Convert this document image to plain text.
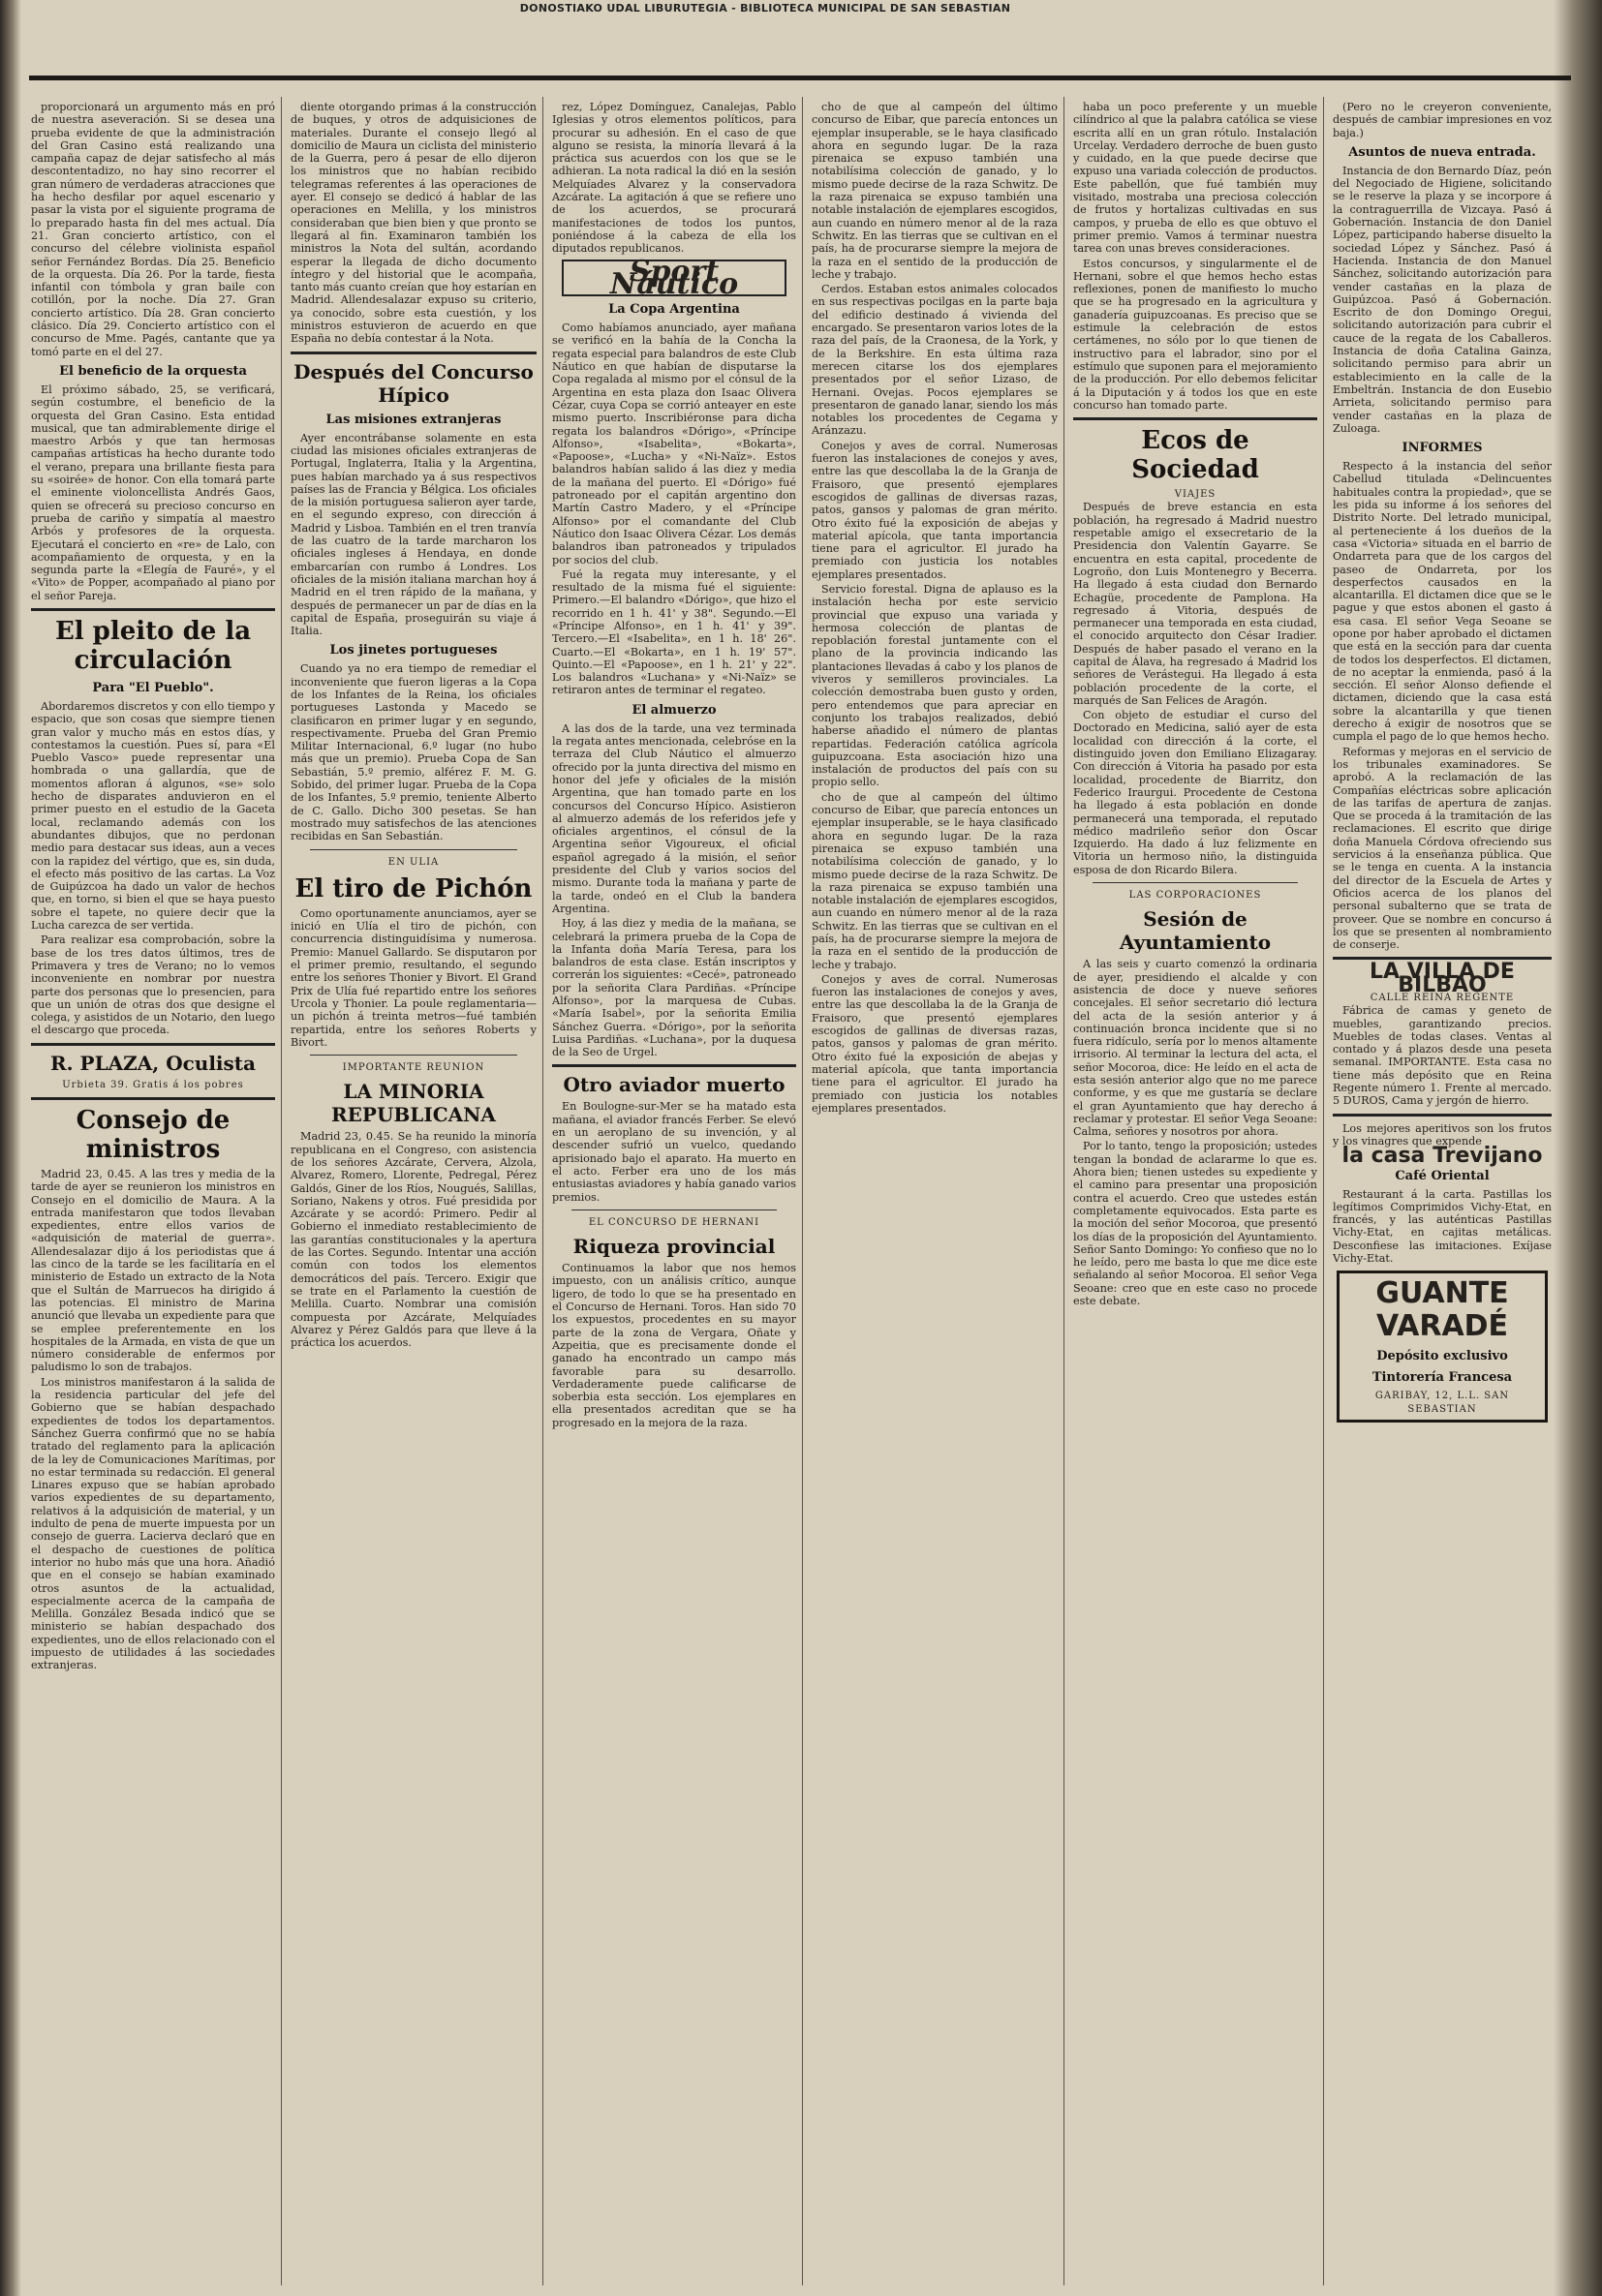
DONOSTIAKO UDAL LIBURUTEGIA - BIBLIOTECA MUNICIPAL DE SAN SEBASTIAN

proporcionará un argumento más en pró de nuestra aseveración. Si se desea una prueba evidente de que la administración del Gran Casino está realizando una campaña capaz de dejar satisfecho al más descontentadizo, no hay sino recorrer el gran número de verdaderas atracciones que ha hecho desfilar por aquel escenario y pasar la vista por el siguiente programa de lo preparado hasta fin del mes actual. Día 21. Gran concierto artístico, con el concurso del célebre violinista español señor Fernández Bordas. Día 25. Beneficio de la orquesta. Día 26. Por la tarde, fiesta infantil con tómbola y gran baile con cotillón, por la noche. Día 27. Gran concierto artístico. Día 28. Gran concierto clásico. Día 29. Concierto artístico con el concurso de Mme. Pagés, cantante que ya tomó parte en el del 27.

El beneficio de la orquesta

El próximo sábado, 25, se verificará, según costumbre, el beneficio de la orquesta del Gran Casino. Esta entidad musical, que tan admirablemente dirige el maestro Arbós y que tan hermosas campañas artísticas ha hecho durante todo el verano, prepara una brillante fiesta para su «soirée» de honor. Con ella tomará parte el eminente violoncellista Andrés Gaos, quien se ofrecerá su precioso concurso en prueba de cariño y simpatía al maestro Arbós y profesores de la orquesta. Ejecutará el concierto en «re» de Lalo, con acompañamiento de orquesta, y en la segunda parte la «Elegía de Fauré», y el «Vito» de Popper, acompañado al piano por el señor Pareja.

El pleito de la circulación
Para "El Pueblo".

Abordaremos discretos y con ello tiempo y espacio, que son cosas que siempre tienen gran valor y mucho más en estos días, y contestamos la cuestión. Pues sí, para «El Pueblo Vasco» puede representar una hombrada o una gallardía, que de momentos afloran á algunos, «se» solo hecho de disparates anduvieron en el primer puesto en el estudio de la Gaceta local, reclamando además con los abundantes dibujos, que no perdonan medio para destacar sus ideas, aun a veces con la rapidez del vértigo, que es, sin duda, el efecto más positivo de las cartas. La Voz de Guipúzcoa ha dado un valor de hechos que, en torno, si bien el que se haya puesto sobre el tapete, no quiere decir que la Lucha carezca de ser vertida.

Para realizar esa comprobación, sobre la base de los tres datos últimos, tres de Primavera y tres de Verano; no lo vemos inconveniente en nombrar por nuestra parte dos personas que lo presencien, para que un unión de otras dos que designe el colega, y asistidos de un Notario, den luego el descargo que proceda.

R. PLAZA, Oculista
Urbieta 39. Gratis á los pobres
Consejo de ministros

Madrid 23, 0.45. A las tres y media de la tarde de ayer se reunieron los ministros en Consejo en el domicilio de Maura. A la entrada manifestaron que todos llevaban expedientes, entre ellos varios de «adquisición de material de guerra». Allendesalazar dijo á los periodistas que á las cinco de la tarde se les facilitaría en el ministerio de Estado un extracto de la Nota que el Sultán de Marruecos ha dirigido á las potencias. El ministro de Marina anunció que llevaba un expediente para que se emplee preferentemente en los hospitales de la Armada, en vista de que un número considerable de enfermos por paludismo lo son de trabajos.

Los ministros manifestaron á la salida de la residencia particular del jefe del Gobierno que se habían despachado expedientes de todos los departamentos. Sánchez Guerra confirmó que no se había tratado del reglamento para la aplicación de la ley de Comunicaciones Marítimas, por no estar terminada su redacción. El general Linares expuso que se habían aprobado varios expedientes de su departamento, relativos á la adquisición de material, y un indulto de pena de muerte impuesta por un consejo de guerra. Lacierva declaró que en el despacho de cuestiones de política interior no hubo más que una hora. Añadió que en el consejo se habían examinado otros asuntos de la actualidad, especialmente acerca de la campaña de Melilla. González Besada indicó que se ministerio se habían despachado dos expedientes, uno de ellos relacionado con el impuesto de utilidades á las sociedades extranjeras.

diente otorgando primas á la construcción de buques, y otros de adquisiciones de materiales. Durante el consejo llegó al domicilio de Maura un ciclista del ministerio de la Guerra, pero á pesar de ello dijeron los ministros que no habían recibido telegramas referentes á las operaciones de ayer. El consejo se dedicó á hablar de las operaciones en Melilla, y los ministros consideraban que bien bien y que pronto se llegará al fin. Examinaron también los ministros la Nota del sultán, acordando esperar la llegada de dicho documento íntegro y del historial que le acompaña, tanto más cuanto creían que hoy estarían en Madrid. Allendesalazar expuso su criterio, ya conocido, sobre esta cuestión, y los ministros estuvieron de acuerdo en que España no debía contestar á la Nota.

Después del Concurso Hípico
Las misiones extranjeras

Ayer encontrábanse solamente en esta ciudad las misiones oficiales extranjeras de Portugal, Inglaterra, Italia y la Argentina, pues habían marchado ya á sus respectivos países las de Francia y Bélgica. Los oficiales de la misión portuguesa salieron ayer tarde, en el segundo expreso, con dirección á Madrid y Lisboa. También en el tren tranvía de las cuatro de la tarde marcharon los oficiales ingleses á Hendaya, en donde embarcarían con rumbo á Londres. Los oficiales de la misión italiana marchan hoy á Madrid en el tren rápido de la mañana, y después de permanecer un par de días en la capital de España, proseguirán su viaje á Italia.

Los jinetes portugueses

Cuando ya no era tiempo de remediar el inconveniente que fueron ligeras a la Copa de los Infantes de la Reina, los oficiales portugueses Lastonda y Macedo se clasificaron en primer lugar y en segundo, respectivamente. Prueba del Gran Premio Militar Internacional, 6.º lugar (no hubo más que un premio). Prueba Copa de San Sebastián, 5.º premio, alférez F. M. G. Sobido, del primer lugar. Prueba de la Copa de los Infantes, 5.º premio, teniente Alberto de C. Gallo. Dicho 300 pesetas. Se han mostrado muy satisfechos de las atenciones recibidas en San Sebastián.

EN ULIA
El tiro de Pichón

Como oportunamente anunciamos, ayer se inició en Ulía el tiro de pichón, con concurrencia distinguidísima y numerosa. Premio: Manuel Gallardo. Se disputaron por el primer premio, resultando, el segundo entre los señores Thonier y Bivort. El Grand Prix de Ulía fué repartido entre los señores Urcola y Thonier. La poule reglamentaria—un pichón á treinta metros—fué también repartida, entre los señores Roberts y Bivort.

IMPORTANTE REUNION
LA MINORIA REPUBLICANA

Madrid 23, 0.45. Se ha reunido la minoría republicana en el Congreso, con asistencia de los señores Azcárate, Cervera, Alzola, Alvarez, Romero, Llorente, Pedregal, Pérez Galdós, Giner de los Ríos, Nougués, Salillas, Soriano, Nakens y otros. Fué presidida por Azcárate y se acordó: Primero. Pedir al Gobierno el inmediato restablecimiento de las garantías constitucionales y la apertura de las Cortes. Segundo. Intentar una acción común con todos los elementos democráticos del país. Tercero. Exigir que se trate en el Parlamento la cuestión de Melilla. Cuarto. Nombrar una comisión compuesta por Azcárate, Melquíades Alvarez y Pérez Galdós para que lleve á la práctica los acuerdos.

rez, López Domínguez, Canalejas, Pablo Iglesias y otros elementos políticos, para procurar su adhesión. En el caso de que alguno se resista, la minoría llevará á la práctica sus acuerdos con los que se le adhieran. La nota radical la dió en la sesión Melquíades Alvarez y la conservadora Azcárate. La agitación á que se refiere uno de los acuerdos, se procurará manifestaciones de todos los puntos, poniéndose á la cabeza de ella los diputados republicanos.

Sport Náutico
La Copa Argentina

Como habíamos anunciado, ayer mañana se verificó en la bahía de la Concha la regata especial para balandros de este Club Náutico en que habían de disputarse la Copa regalada al mismo por el cónsul de la Argentina en esta plaza don Isaac Olivera Cézar, cuya Copa se corrió anteayer en este mismo puerto. Inscribiéronse para dicha regata los balandros «Dórigo», «Príncipe Alfonso», «Isabelita», «Bokarta», «Papoose», «Lucha» y «Ni-Naïz». Estos balandros habían salido á las diez y media de la mañana del puerto. El «Dórigo» fué patroneado por el capitán argentino don Martín Castro Madero, y el «Príncipe Alfonso» por el comandante del Club Náutico don Isaac Olivera Cézar. Los demás balandros iban patroneados y tripulados por socios del club.

Fué la regata muy interesante, y el resultado de la misma fué el siguiente: Primero.—El balandro «Dórigo», que hizo el recorrido en 1 h. 41' y 38". Segundo.—El «Príncipe Alfonso», en 1 h. 41' y 39". Tercero.—El «Isabelita», en 1 h. 18' 26". Cuarto.—El «Bokarta», en 1 h. 19' 57". Quinto.—El «Papoose», en 1 h. 21' y 22". Los balandros «Luchana» y «Ni-Naïz» se retiraron antes de terminar el regateo.

El almuerzo

A las dos de la tarde, una vez terminada la regata antes mencionada, celebróse en la terraza del Club Náutico el almuerzo ofrecido por la junta directiva del mismo en honor del jefe y oficiales de la misión Argentina, que han tomado parte en los concursos del Concurso Hípico. Asistieron al almuerzo además de los referidos jefe y oficiales argentinos, el cónsul de la Argentina señor Vigoureux, el oficial español agregado á la misión, el señor presidente del Club y varios socios del mismo. Durante toda la mañana y parte de la tarde, ondeó en el Club la bandera Argentina.

Hoy, á las diez y media de la mañana, se celebrará la primera prueba de la Copa de la Infanta doña María Teresa, para los balandros de esta clase. Están inscriptos y correrán los siguientes: «Cecé», patroneado por la señorita Clara Pardiñas. «Príncipe Alfonso», por la marquesa de Cubas. «María Isabel», por la señorita Emilia Sánchez Guerra. «Dórigo», por la señorita Luisa Pardiñas. «Luchana», por la duquesa de la Seo de Urgel.

Otro aviador muerto

En Boulogne-sur-Mer se ha matado esta mañana, el aviador francés Ferber. Se elevó en un aeroplano de su invención, y al descender sufrió un vuelco, quedando aprisionado bajo el aparato. Ha muerto en el acto. Ferber era uno de los más entusiastas aviadores y había ganado varios premios.

EL CONCURSO DE HERNANI
Riqueza provincial

Continuamos la labor que nos hemos impuesto, con un análisis crítico, aunque ligero, de todo lo que se ha presentado en el Concurso de Hernani. Toros. Han sido 70 los expuestos, procedentes en su mayor parte de la zona de Vergara, Oñate y Azpeitia, que es precisamente donde el ganado ha encontrado un campo más favorable para su desarrollo. Verdaderamente puede calificarse de soberbia esta sección. Los ejemplares en ella presentados acreditan que se ha progresado en la mejora de la raza.

cho de que al campeón del último concurso de Eibar, que parecía entonces un ejemplar insuperable, se le haya clasificado ahora en segundo lugar. De la raza pirenaica se expuso también una notabilísima colección de ganado, y lo mismo puede decirse de la raza Schwitz. De la raza pirenaica se expuso también una notable instalación de ejemplares escogidos, aun cuando en número menor al de la raza Schwitz. En las tierras que se cultivan en el país, ha de procurarse siempre la mejora de la raza en el sentido de la producción de leche y trabajo.

Cerdos. Estaban estos animales colocados en sus respectivas pocilgas en la parte baja del edificio destinado á vivienda del encargado. Se presentaron varios lotes de la raza del país, de la Craonesa, de la York, y de la Berkshire. En esta última raza merecen citarse los dos ejemplares presentados por el señor Lizaso, de Hernani. Ovejas. Pocos ejemplares se presentaron de ganado lanar, siendo los más notables los procedentes de Cegama y Aránzazu.

Conejos y aves de corral. Numerosas fueron las instalaciones de conejos y aves, entre las que descollaba la de la Granja de Fraisoro, que presentó ejemplares escogidos de gallinas de diversas razas, patos, gansos y palomas de gran mérito. Otro éxito fué la exposición de abejas y material apícola, que tanta importancia tiene para el agricultor. El jurado ha premiado con justicia los notables ejemplares presentados.

Servicio forestal. Digna de aplauso es la instalación hecha por este servicio provincial que expuso una variada y hermosa colección de plantas de repoblación forestal juntamente con el plano de la provincia indicando las plantaciones llevadas á cabo y los planos de viveros y semilleros provinciales. La colección demostraba buen gusto y orden, pero entendemos que para apreciar en conjunto los trabajos realizados, debió haberse añadido el número de plantas repartidas. Federación católica agrícola guipuzcoana. Esta asociación hizo una instalación de productos del país con su propio sello.

cho de que al campeón del último concurso de Eibar, que parecía entonces un ejemplar insuperable, se le haya clasificado ahora en segundo lugar. De la raza pirenaica se expuso también una notabilísima colección de ganado, y lo mismo puede decirse de la raza Schwitz. De la raza pirenaica se expuso también una notable instalación de ejemplares escogidos, aun cuando en número menor al de la raza Schwitz. En las tierras que se cultivan en el país, ha de procurarse siempre la mejora de la raza en el sentido de la producción de leche y trabajo.

Conejos y aves de corral. Numerosas fueron las instalaciones de conejos y aves, entre las que descollaba la de la Granja de Fraisoro, que presentó ejemplares escogidos de gallinas de diversas razas, patos, gansos y palomas de gran mérito. Otro éxito fué la exposición de abejas y material apícola, que tanta importancia tiene para el agricultor. El jurado ha premiado con justicia los notables ejemplares presentados.

haba un poco preferente y un mueble cilíndrico al que la palabra católica se viese escrita allí en un gran rótulo. Instalación Urcelay. Verdadero derroche de buen gusto y cuidado, en la que puede decirse que expuso una variada colección de productos. Este pabellón, que fué también muy visitado, mostraba una preciosa colección de frutos y hortalizas cultivadas en sus campos, y prueba de ello es que obtuvo el primer premio. Vamos á terminar nuestra tarea con unas breves consideraciones.

Estos concursos, y singularmente el de Hernani, sobre el que hemos hecho estas reflexiones, ponen de manifiesto lo mucho que se ha progresado en la agricultura y ganadería guipuzcoanas. Es preciso que se estimule la celebración de estos certámenes, no sólo por lo que tienen de instructivo para el labrador, sino por el estímulo que suponen para el mejoramiento de la producción. Por ello debemos felicitar á la Diputación y á todos los que en este concurso han tomado parte.

Ecos de Sociedad
VIAJES

Después de breve estancia en esta población, ha regresado á Madrid nuestro respetable amigo el exsecretario de la Presidencia don Valentín Gayarre. Se encuentra en esta capital, procedente de Logroño, don Luis Montenegro y Becerra. Ha llegado á esta ciudad don Bernardo Echagüe, procedente de Pamplona. Ha regresado á Vitoria, después de permanecer una temporada en esta ciudad, el conocido arquitecto don César Iradier. Después de haber pasado el verano en la capital de Álava, ha regresado á Madrid los señores de Verástegui. Ha llegado á esta población procedente de la corte, el marqués de San Felices de Aragón.

Con objeto de estudiar el curso del Doctorado en Medicina, salió ayer de esta localidad con dirección á la corte, el distinguido joven don Emiliano Elizagaray. Con dirección á Vitoria ha pasado por esta localidad, procedente de Biarritz, don Federico Iraurgui. Procedente de Cestona ha llegado á esta población en donde permanecerá una temporada, el reputado médico madrileño señor don Óscar Izquierdo. Ha dado á luz felizmente en Vitoria un hermoso niño, la distinguida esposa de don Ricardo Bilera.

LAS CORPORACIONES
Sesión de Ayuntamiento

A las seis y cuarto comenzó la ordinaria de ayer, presidiendo el alcalde y con asistencia de doce y nueve señores concejales. El señor secretario dió lectura del acta de la sesión anterior y á continuación bronca incidente que si no fuera ridículo, sería por lo menos altamente irrisorio. Al terminar la lectura del acta, el señor Mocoroa, dice: He leído en el acta de esta sesión anterior algo que no me parece conforme, y es que me gustaría se declare el gran Ayuntamiento que hay derecho á reclamar y protestar. El señor Vega Seoane: Calma, señores y nosotros por ahora.

Por lo tanto, tengo la proposición; ustedes tengan la bondad de aclararme lo que es. Ahora bien; tienen ustedes su expediente y el camino para presentar una proposición contra el acuerdo. Creo que ustedes están completamente equivocados. Esta parte es la moción del señor Mocoroa, que presentó los días de la proposición del Ayuntamiento. Señor Santo Domingo: Yo confieso que no lo he leído, pero me basta lo que me dice este señalando al señor Mocoroa. El señor Vega Seoane: creo que en este caso no procede este debate.

(Pero no le creyeron conveniente, después de cambiar impresiones en voz baja.)

Asuntos de nueva entrada.

Instancia de don Bernardo Díaz, peón del Negociado de Higiene, solicitando se le reserve la plaza y se incorpore á la contraguerrilla de Vizcaya. Pasó á Gobernación. Instancia de don Daniel López, participando haberse disuelto la sociedad López y Sánchez. Pasó á Hacienda. Instancia de don Manuel Sánchez, solicitando autorización para vender castañas en la plaza de Guipúzcoa. Pasó á Gobernación. Escrito de don Domingo Oregui, solicitando autorización para cubrir el cauce de la regata de los Caballeros. Instancia de doña Catalina Gainza, solicitando permiso para abrir un establecimiento en la calle de la Embeltrán. Instancia de don Eusebio Arrieta, solicitando permiso para vender castañas en la plaza de Zuloaga.

INFORMES

Respecto á la instancia del señor Cabellud titulada «Delincuentes habituales contra la propiedad», que se les pida su informe á los señores del Distrito Norte. Del letrado municipal, al perteneciente á los dueños de la casa «Victoria» situada en el barrio de Ondarreta para que de los cargos del paseo de Ondarreta, por los desperfectos causados en la alcantarilla. El dictamen dice que se le pague y que estos abonen el gasto á esa casa. El señor Vega Seoane se opone por haber aprobado el dictamen que está en la sección para dar cuenta de todos los desperfectos. El dictamen, de no aceptar la enmienda, pasó á la sección. El señor Alonso defiende el dictamen, diciendo que la casa está sobre la alcantarilla y que tienen derecho á exigir de nosotros que se cumpla el pago de lo que hemos hecho.

Reformas y mejoras en el servicio de los tribunales examinadores. Se aprobó. A la reclamación de las Compañías eléctricas sobre aplicación de las tarifas de apertura de zanjas. Que se proceda á la tramitación de las reclamaciones. El escrito que dirige doña Manuela Córdova ofreciendo sus servicios á la enseñanza pública. Que se le tenga en cuenta. A la instancia del director de la Escuela de Artes y Oficios acerca de los planos del personal subalterno que se trata de proveer. Que se nombre en concurso á los que se presenten al nombramiento de conserje.

LA VILLA DE BILBAO
CALLE REINA REGENTE

Fábrica de camas y geneto de muebles, garantizando precios. Muebles de todas clases. Ventas al contado y á plazos desde una peseta semanal. IMPORTANTE. Esta casa no tiene más depósito que en Reina Regente número 1. Frente al mercado. 5 DUROS, Cama y jergón de hierro.

Los mejores aperitivos son los frutos y los vinagres que expende

la casa Trevijano
Café Oriental

Restaurant á la carta. Pastillas los legítimos Comprimidos Vichy-Etat, en francés, y las auténticas Pastillas Vichy-Etat, en cajitas metálicas. Desconfiese las imitaciones. Exíjase Vichy-Etat.

GUANTE VARADÉ
Depósito exclusivo
Tintorería Francesa
GARIBAY, 12, L.L. SAN SEBASTIAN
